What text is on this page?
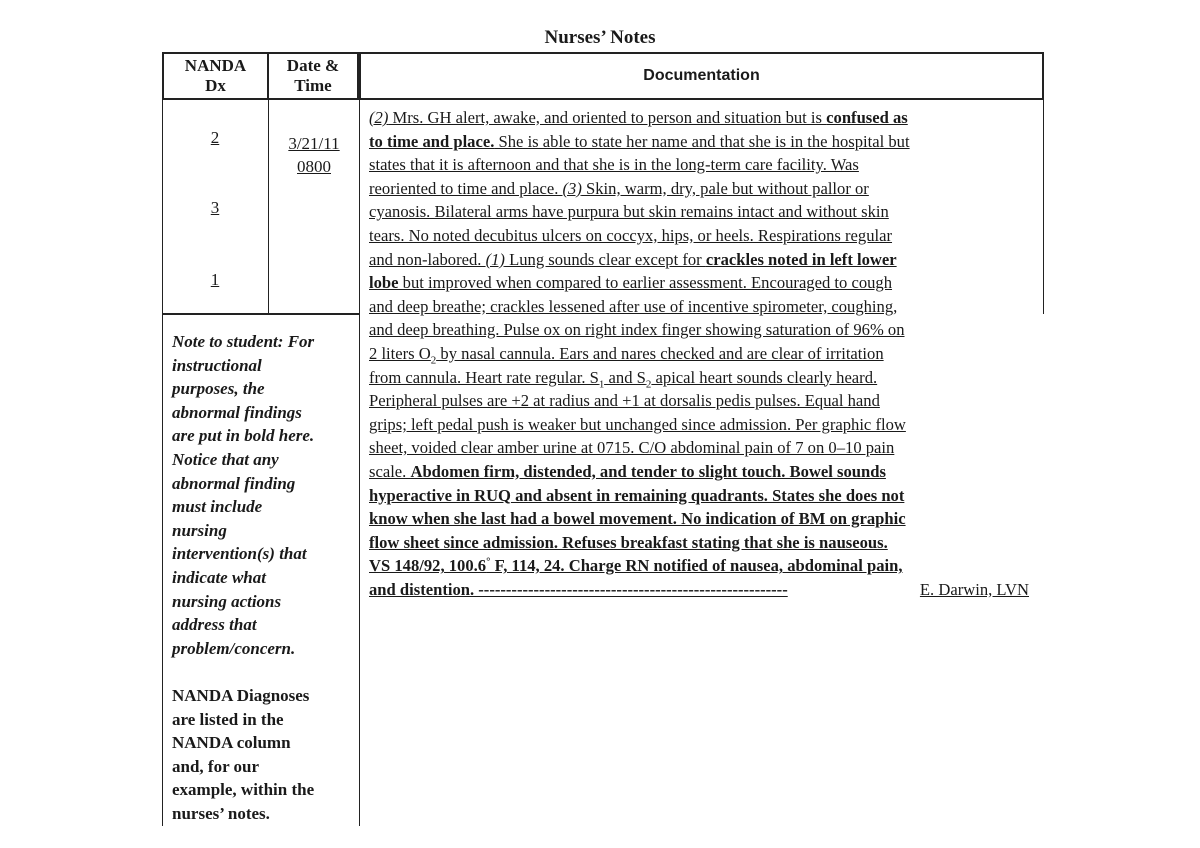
Nurses’ Notes
NANDA
Dx
Date &
Time
Documentation
2
3
1
3/21/11
0800

Note to student: For

instructional

purposes, the

abnormal findings

are put in bold here.

Notice that any

abnormal finding

must include

nursing

intervention(s) that

indicate what

nursing actions

address that

problem/concern.

NANDA Diagnoses

are listed in the

NANDA column

and, for our

example, within the

nurses’ notes.

(2) Mrs. GH alert, awake, and oriented to person and situation but is confused as
to time and place. She is able to state her name and that she is in the hospital but
states that it is afternoon and that she is in the long-term care facility. Was
reoriented to time and place. (3) Skin, warm, dry, pale but without pallor or
cyanosis. Bilateral arms have purpura but skin remains intact and without skin
tears. No noted decubitus ulcers on coccyx, hips, or heels. Respirations regular
and non-labored. (1) Lung sounds clear except for crackles noted in left lower
lobe but improved when compared to earlier assessment. Encouraged to cough
and deep breathe; crackles lessened after use of incentive spirometer, coughing,
and deep breathing. Pulse ox on right index finger showing saturation of 96% on
2 liters $O_2$ by nasal cannula. Ears and nares checked and are clear of irritation
from cannula. Heart rate regular. $S_1$ and $S_2$ apical heart sounds clearly heard.
Peripheral pulses are +2 at radius and +1 at dorsalis pedis pulses. Equal hand
grips; left pedal push is weaker but unchanged since admission. Per graphic flow
sheet, voided clear amber urine at 0715. C/O abdominal pain of 7 on 0–10 pain
scale. Abdomen firm, distended, and tender to slight touch. Bowel sounds
hyperactive in RUQ and absent in remaining quadrants. States she does not
know when she last had a bowel movement. No indication of BM on graphic
flow sheet since admission. Refuses breakfast stating that she is nauseous.
VS 148/92, 100.6° F, 114, 24. Charge RN notified of nausea, abdominal pain,
and distention. --------------------------------------------------------	E. Darwin, LVN
